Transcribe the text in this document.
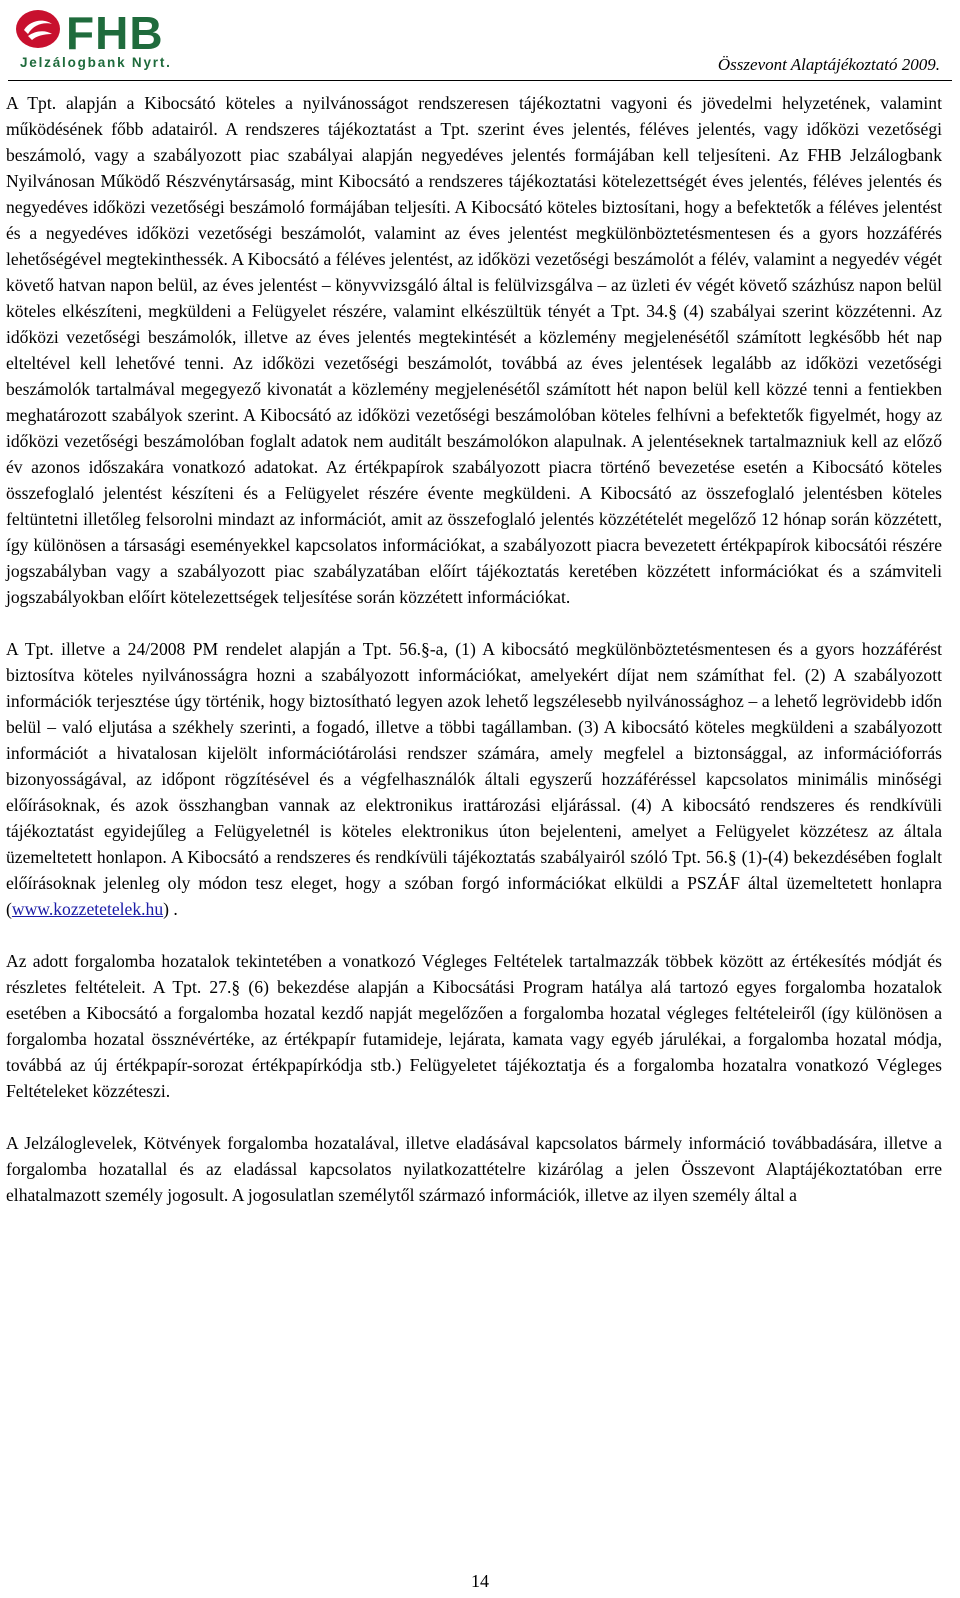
FHB
Jelzálogbank Nyrt.	Összevont Alaptájékoztató 2009.

A Tpt. alapján a Kibocsátó köteles a nyilvánosságot rendszeresen tájékoztatni vagyoni és jövedelmi helyzetének, valamint működésének főbb adatairól. A rendszeres tájékoztatást a Tpt. szerint éves jelentés, féléves jelentés, vagy időközi vezetőségi beszámoló, vagy a szabályozott piac szabályai alapján negyedéves jelentés formájában kell teljesíteni. Az FHB Jelzálogbank Nyilvánosan Működő Részvénytársaság, mint Kibocsátó a rendszeres tájékoztatási kötelezettségét éves jelentés, féléves jelentés és negyedéves időközi vezetőségi beszámoló formájában teljesíti. A Kibocsátó köteles biztosítani, hogy a befektetők a féléves jelentést és a negyedéves időközi vezetőségi beszámolót, valamint az éves jelentést megkülönböztetésmentesen és a gyors hozzáférés lehetőségével megtekinthessék. A Kibocsátó a féléves jelentést, az időközi vezetőségi beszámolót a félév, valamint a negyedév végét követő hatvan napon belül, az éves jelentést – könyvvizsgáló által is felülvizsgálva – az üzleti év végét követő százhúsz napon belül köteles elkészíteni, megküldeni a Felügyelet részére, valamint elkészültük tényét a Tpt. 34.§ (4) szabályai szerint közzétenni. Az időközi vezetőségi beszámolók, illetve az éves jelentés megtekintését a közlemény megjelenésétől számított legkésőbb hét nap elteltével kell lehetővé tenni. Az időközi vezetőségi beszámolót, továbbá az éves jelentések legalább az időközi vezetőségi beszámolók tartalmával megegyező kivonatát a közlemény megjelenésétől számított hét napon belül kell közzé tenni a fentiekben meghatározott szabályok szerint. A Kibocsátó az időközi vezetőségi beszámolóban köteles felhívni a befektetők figyelmét, hogy az időközi vezetőségi beszámolóban foglalt adatok nem auditált beszámolókon alapulnak. A jelentéseknek tartalmazniuk kell az előző év azonos időszakára vonatkozó adatokat. Az értékpapírok szabályozott piacra történő bevezetése esetén a Kibocsátó köteles összefoglaló jelentést készíteni és a Felügyelet részére évente megküldeni. A Kibocsátó az összefoglaló jelentésben köteles feltüntetni illetőleg felsorolni mindazt az információt, amit az összefoglaló jelentés közzétételét megelőző 12 hónap során közzétett, így különösen a társasági eseményekkel kapcsolatos információkat, a szabályozott piacra bevezetett értékpapírok kibocsátói részére jogszabályban vagy a szabályozott piac szabályzatában előírt tájékoztatás keretében közzétett információkat és a számviteli jogszabályokban előírt kötelezettségek teljesítése során közzétett információkat.

A Tpt. illetve a 24/2008 PM rendelet alapján a Tpt. 56.§-a, (1) A kibocsátó megkülönböztetésmentesen és a gyors hozzáférést biztosítva köteles nyilvánosságra hozni a szabályozott információkat, amelyekért díjat nem számíthat fel. (2) A szabályozott információk terjesztése úgy történik, hogy biztosítható legyen azok lehető legszélesebb nyilvánossághoz – a lehető legrövidebb időn belül – való eljutása a székhely szerinti, a fogadó, illetve a többi tagállamban. (3) A kibocsátó köteles megküldeni a szabályozott információt a hivatalosan kijelölt információtárolási rendszer számára, amely megfelel a biztonsággal, az információforrás bizonyosságával, az időpont rögzítésével és a végfelhasználók általi egyszerű hozzáféréssel kapcsolatos minimális minőségi előírásoknak, és azok összhangban vannak az elektronikus irattározási eljárással. (4) A kibocsátó rendszeres és rendkívüli tájékoztatást egyidejűleg a Felügyeletnél is köteles elektronikus úton bejelenteni, amelyet a Felügyelet közzétesz az általa üzemeltetett honlapon. A Kibocsátó a rendszeres és rendkívüli tájékoztatás szabályairól szóló Tpt. 56.§ (1)-(4) bekezdésében foglalt előírásoknak jelenleg oly módon tesz eleget, hogy a szóban forgó információkat elküldi a PSZÁF által üzemeltetett honlapra (www.kozzetetelek.hu) .

Az adott forgalomba hozatalok tekintetében a vonatkozó Végleges Feltételek tartalmazzák többek között az értékesítés módját és részletes feltételeit. A Tpt. 27.§ (6) bekezdése alapján a Kibocsátási Program hatálya alá tartozó egyes forgalomba hozatalok esetében a Kibocsátó a forgalomba hozatal kezdő napját megelőzően a forgalomba hozatal végleges feltételeiről (így különösen a forgalomba hozatal össznévértéke, az értékpapír futamideje, lejárata, kamata vagy egyéb járulékai, a forgalomba hozatal módja, továbbá az új értékpapír-sorozat értékpapírkódja stb.) Felügyeletet tájékoztatja és a forgalomba hozatalra vonatkozó Végleges Feltételeket közzéteszi.

A Jelzáloglevelek, Kötvények forgalomba hozatalával, illetve eladásával kapcsolatos bármely információ továbbadására, illetve a forgalomba hozatallal és az eladással kapcsolatos nyilatkozattételre kizárólag a jelen Összevont Alaptájékoztatóban erre elhatalmazott személy jogosult. A jogosulatlan személytől származó információk, illetve az ilyen személy által a

14
